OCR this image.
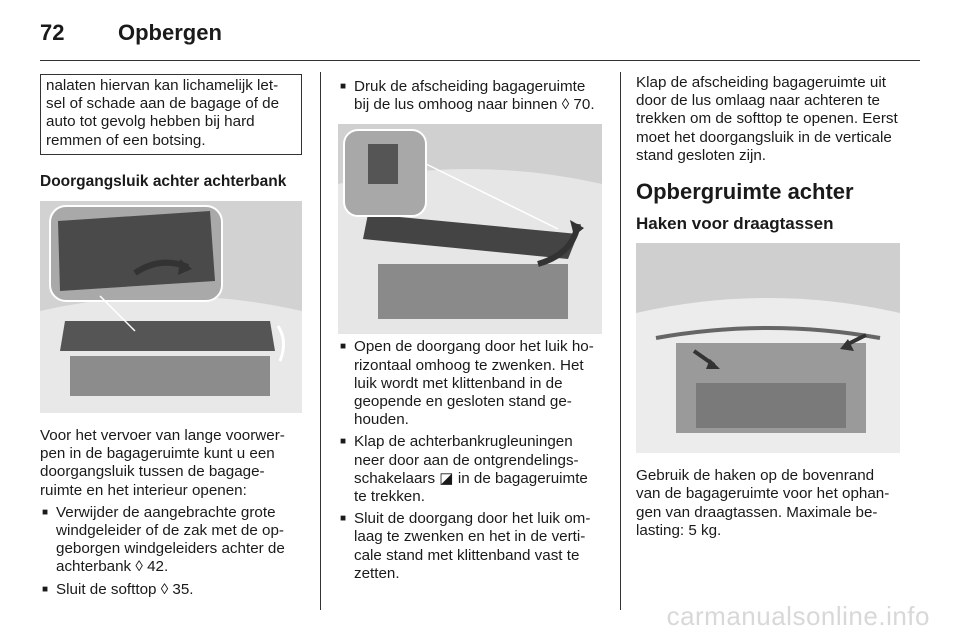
72 Opbergen

nalaten hiervan kan lichamelijk let-sel of schade aan de bagage of de auto tot gevolg hebben bij hard remmen of een botsing.

Doorgangsluik achter achterbank

Voor het vervoer van lange voorwer-pen in de bagageruimte kunt u een doorgangsluik tussen de bagage-ruimte en het interieur openen:

■ Verwijder de aangebrachte grote windgeleider of de zak met de op-geborgen windgeleiders achter de achterbank ◊ 42.

■ Sluit de softtop ◊ 35.

■ Druk de afscheiding bagageruimte bij de lus omhoog naar binnen ◊ 70.

■ Open de doorgang door het luik ho-rizontaal omhoog te zwenken. Het luik wordt met klittenband in de geopende en gesloten stand ge-houden.

■ Klap de achterbankrugleuningen neer door aan de ontgrendelings-schakelaars ◪ in de bagageruimte te trekken.

■ Sluit de doorgang door het luik om-laag te zwenken en het in de verti-cale stand met klittenband vast te zetten.

Klap de afscheiding bagageruimte uit door de lus omlaag naar achteren te trekken om de softtop te openen. Eerst moet het doorgangsluik in de verticale stand gesloten zijn.

Opbergruimte achter

Haken voor draagtassen

Gebruik de haken op de bovenrand van de bagageruimte voor het ophan-gen van draagtassen. Maximale be-lasting: 5 kg.

carmanualsonline.info
